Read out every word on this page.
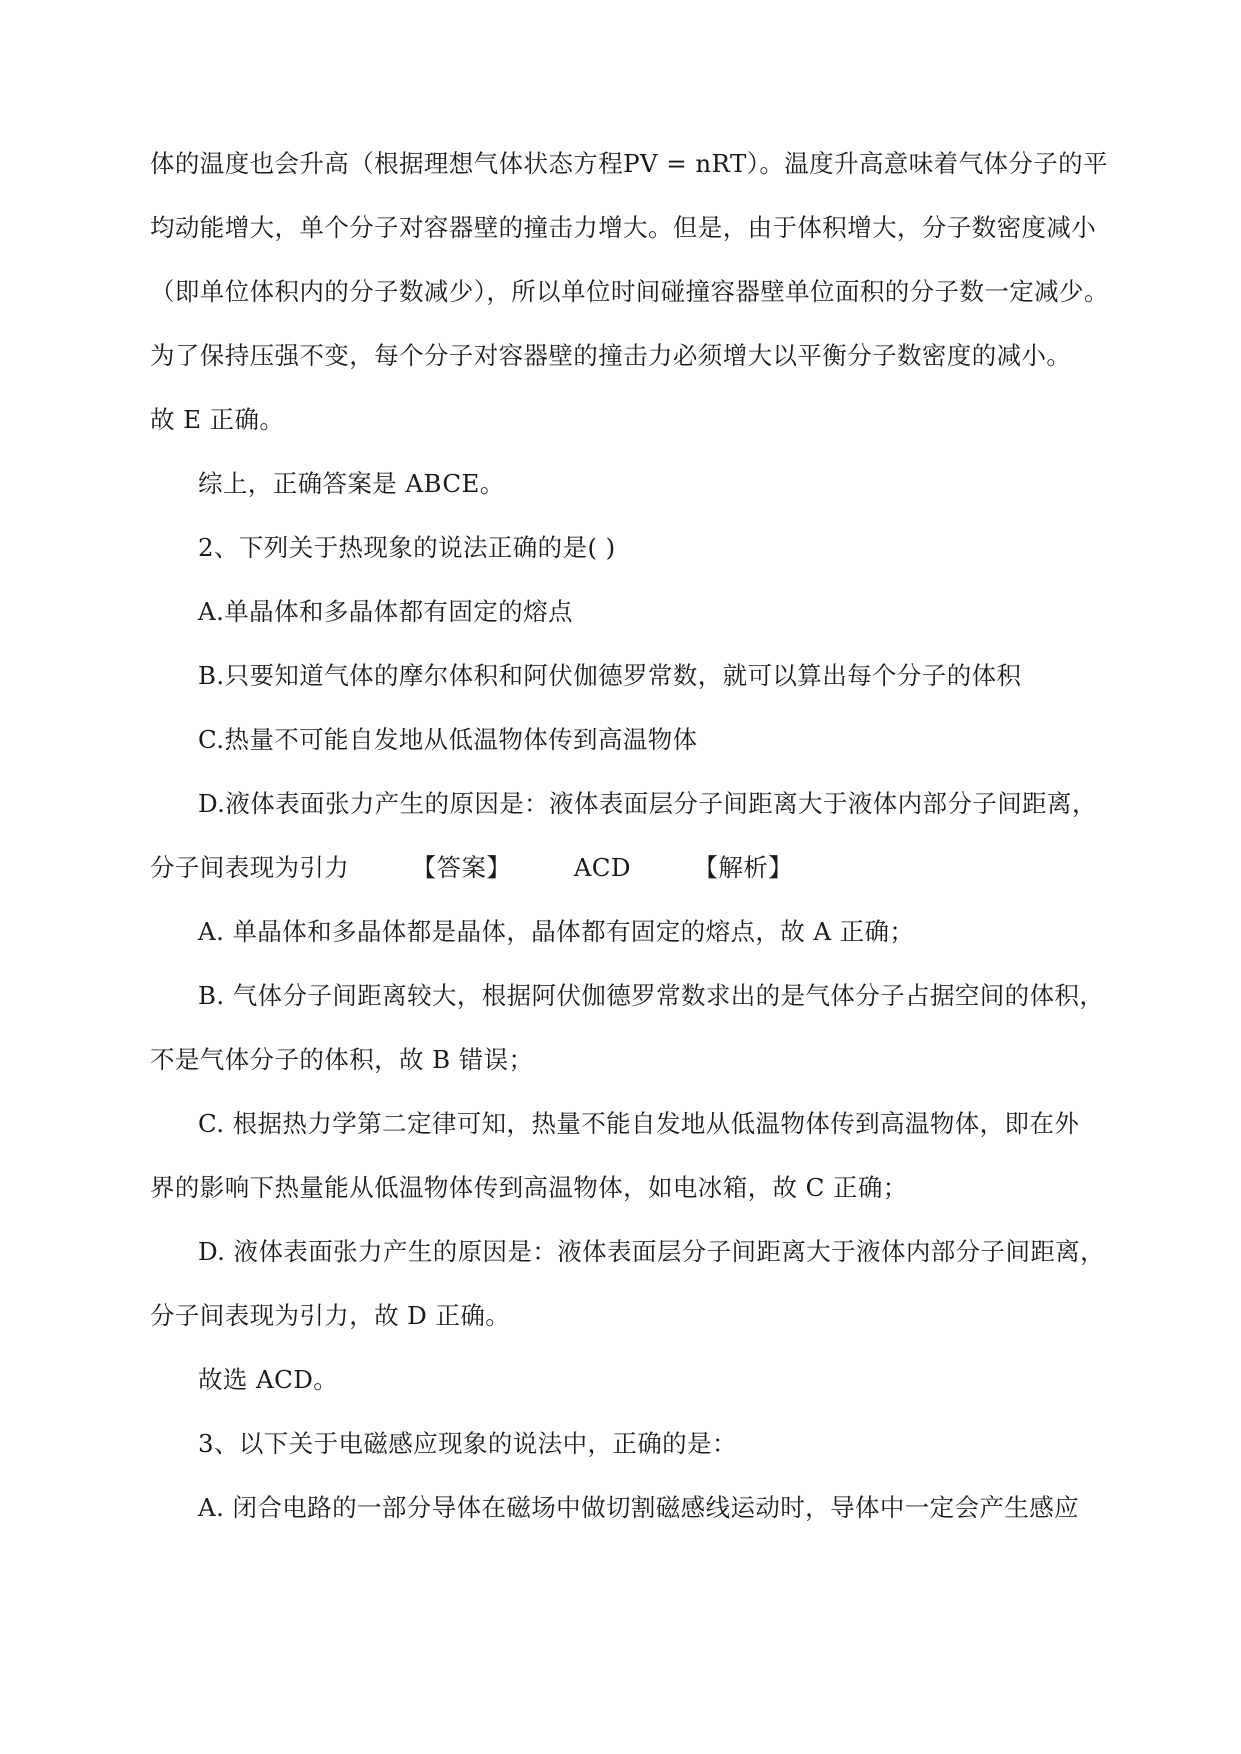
体的温度也会升高（根据理想气体状态方程PV = nRT）。温度升高意味着气体分子的平
均动能增大，单个分子对容器壁的撞击力增大。但是，由于体积增大，分子数密度减小
（即单位体积内的分子数减少），所以单位时间碰撞容器壁单位面积的分子数一定减少。
为了保持压强不变，每个分子对容器壁的撞击力必须增大以平衡分子数密度的减小。
故 E 正确。
综上，正确答案是 ABCE。
2、下列关于热现象的说法正确的是( )
A.单晶体和多晶体都有固定的熔点
B.只要知道气体的摩尔体积和阿伏伽德罗常数，就可以算出每个分子的体积
C.热量不可能自发地从低温物体传到高温物体
D.液体表面张力产生的原因是：液体表面层分子间距离大于液体内部分子间距离，
分子间表现为引力　　　【答案】　　　ACD　　　【解析】
A. 单晶体和多晶体都是晶体，晶体都有固定的熔点，故 A 正确；
B. 气体分子间距离较大，根据阿伏伽德罗常数求出的是气体分子占据空间的体积，
不是气体分子的体积，故 B 错误；
C. 根据热力学第二定律可知，热量不能自发地从低温物体传到高温物体，即在外
界的影响下热量能从低温物体传到高温物体，如电冰箱，故 C 正确；
D. 液体表面张力产生的原因是：液体表面层分子间距离大于液体内部分子间距离，
分子间表现为引力，故 D 正确。
故选 ACD。
3、以下关于电磁感应现象的说法中，正确的是：
A. 闭合电路的一部分导体在磁场中做切割磁感线运动时，导体中一定会产生感应
